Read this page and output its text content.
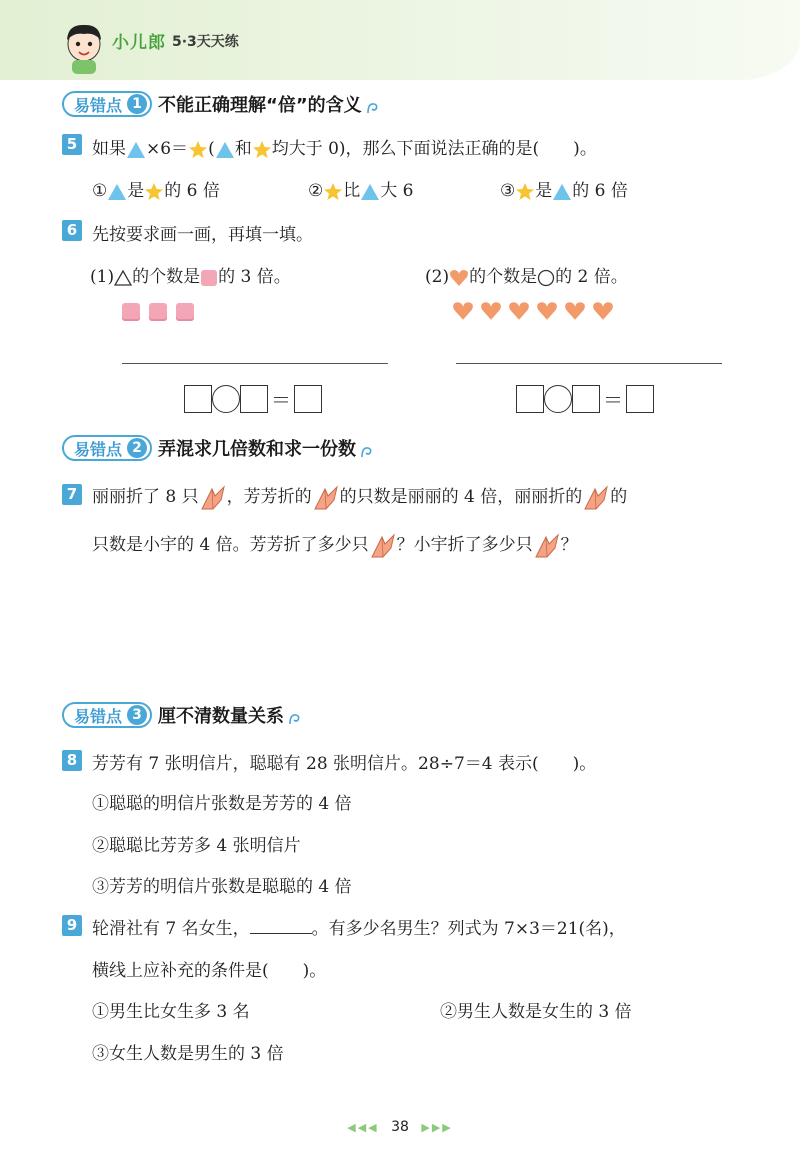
小儿郎 5·3天天练
易错点 1 不能正确理解“倍”的含义
5 如果 ×6＝ ( 和 均大于 0)，那么下面说法正确的是(　　)。
① 是 的 6 倍	② 比 大 6	③ 是 的 6 倍
6 先按要求画一画，再填一填。
(1) 的个数是 的 3 倍。	(2) 的个数是 的 2 倍。
＝	＝
易错点 2 弄混求几倍数和求一份数
7 丽丽折了 8 只 ，芳芳折的 的只数是丽丽的 4 倍，丽丽折的 的
只数是小宇的 4 倍。芳芳折了多少只 ？小宇折了多少只 ？
易错点 3 厘不清数量关系
8 芳芳有 7 张明信片，聪聪有 28 张明信片。28÷7＝4 表示(　　)。
①聪聪的明信片张数是芳芳的 4 倍
②聪聪比芳芳多 4 张明信片
③芳芳的明信片张数是聪聪的 4 倍
9 轮滑社有 7 名女生，	。有多少名男生？列式为 7×3＝21(名)，
横线上应补充的条件是(　　)。
①男生比女生多 3 名	②男生人数是女生的 3 倍
③女生人数是男生的 3 倍
◀◀◀ 38 ▶▶▶
